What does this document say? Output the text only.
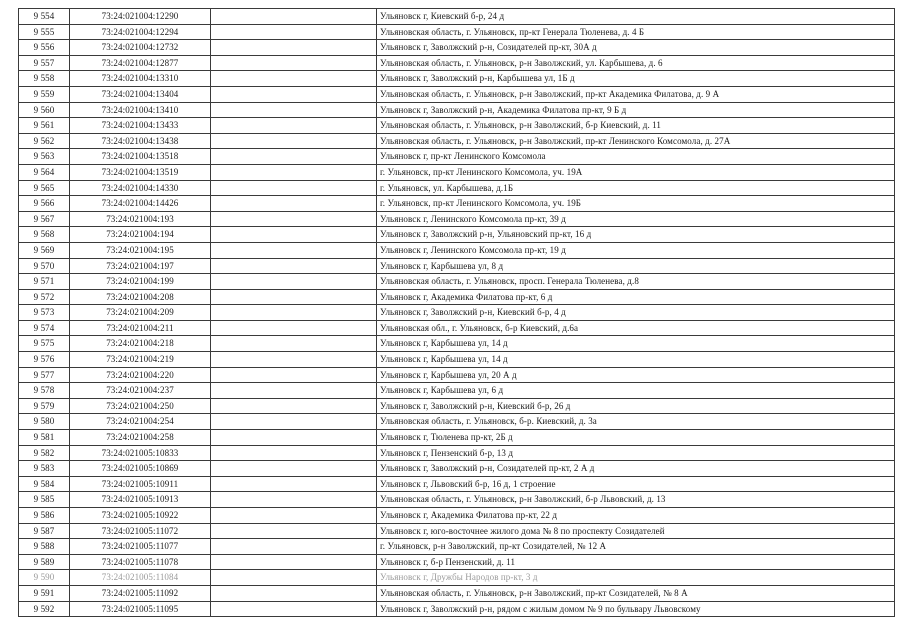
9 554	73:24:021004:12290		Ульяновск г, Киевский б-р, 24 д
9 555	73:24:021004:12294		Ульяновская область, г. Ульяновск, пр-кт Генерала Тюленева, д. 4 Б
9 556	73:24:021004:12732		Ульяновск г, Заволжский р-н, Созидателей пр-кт, 30А д
9 557	73:24:021004:12877		Ульяновская область, г. Ульяновск, р-н Заволжский, ул. Карбышева, д. 6
9 558	73:24:021004:13310		Ульяновск г, Заволжский р-н, Карбышева ул, 1Б д
9 559	73:24:021004:13404		Ульяновская область, г. Ульяновск, р-н Заволжский, пр-кт Академика Филатова, д. 9 А
9 560	73:24:021004:13410		Ульяновск г, Заволжский р-н, Академика Филатова пр-кт, 9 Б д
9 561	73:24:021004:13433		Ульяновская область, г. Ульяновск, р-н Заволжский, б-р Киевский, д. 11
9 562	73:24:021004:13438		Ульяновская область, г. Ульяновск, р-н Заволжский, пр-кт Ленинского Комсомола, д. 27А
9 563	73:24:021004:13518		Ульяновск г, пр-кт Ленинского Комсомола
9 564	73:24:021004:13519		г. Ульяновск, пр-кт Ленинского Комсомола, уч. 19А
9 565	73:24:021004:14330		г. Ульяновск, ул. Карбышева, д.1Б
9 566	73:24:021004:14426		г. Ульяновск, пр-кт Ленинского Комсомола, уч. 19Б
9 567	73:24:021004:193		Ульяновск г, Ленинского Комсомола пр-кт, 39 д
9 568	73:24:021004:194		Ульяновск г, Заволжский р-н, Ульяновский пр-кт, 16 д
9 569	73:24:021004:195		Ульяновск г, Ленинского Комсомола пр-кт, 19 д
9 570	73:24:021004:197		Ульяновск г, Карбышева ул, 8 д
9 571	73:24:021004:199		Ульяновская область, г. Ульяновск, просп. Генерала Тюленева, д.8
9 572	73:24:021004:208		Ульяновск г, Академика Филатова пр-кт, 6 д
9 573	73:24:021004:209		Ульяновск г, Заволжский р-н, Киевский б-р, 4 д
9 574	73:24:021004:211		Ульяновская обл., г. Ульяновск, б-р Киевский, д.6а
9 575	73:24:021004:218		Ульяновск г, Карбышева ул, 14 д
9 576	73:24:021004:219		Ульяновск г, Карбышева ул, 14 д
9 577	73:24:021004:220		Ульяновск г, Карбышева ул, 20 А д
9 578	73:24:021004:237		Ульяновск г, Карбышева ул, 6 д
9 579	73:24:021004:250		Ульяновск г, Заволжский р-н, Киевский б-р, 26 д
9 580	73:24:021004:254		Ульяновская область, г. Ульяновск, б-р. Киевский, д. 3а
9 581	73:24:021004:258		Ульяновск г, Тюленева пр-кт, 2Б д
9 582	73:24:021005:10833		Ульяновск г, Пензенский б-р, 13 д
9 583	73:24:021005:10869		Ульяновск г, Заволжский р-н, Созидателей пр-кт, 2 А д
9 584	73:24:021005:10911		Ульяновск г, Львовский б-р, 16 д, 1 строение
9 585	73:24:021005:10913		Ульяновская область, г. Ульяновск, р-н Заволжский, б-р Львовский, д. 13
9 586	73:24:021005:10922		Ульяновск г, Академика Филатова пр-кт, 22 д
9 587	73:24:021005:11072		Ульяновск г, юго-восточнее жилого дома № 8 по проспекту Созидателей
9 588	73:24:021005:11077		г. Ульяновск, р-н Заволжский, пр-кт Созидателей, № 12 А
9 589	73:24:021005:11078		Ульяновск г, б-р Пензенский, д. 11
9 590	73:24:021005:11084		Ульяновск г, Дружбы Народов пр-кт, 3 д
9 591	73:24:021005:11092		Ульяновская область, г. Ульяновск, р-н Заволжский, пр-кт Созидателей, № 8 А
9 592	73:24:021005:11095		Ульяновск г, Заволжский р-н, рядом с жилым домом № 9 по бульвару Львовскому
